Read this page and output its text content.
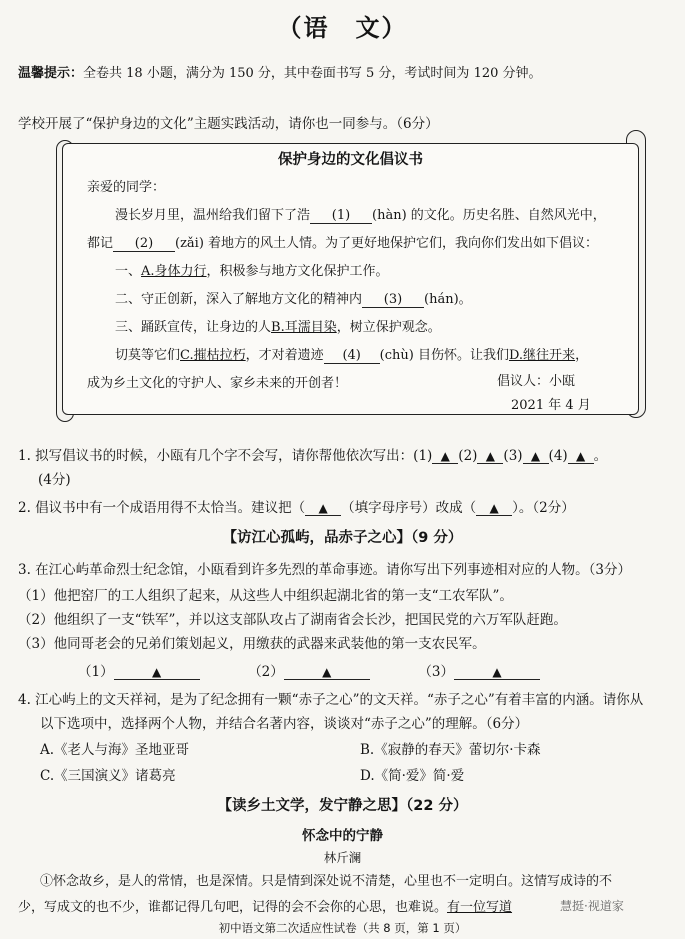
（语　文）
温馨提示：全卷共 18 小题，满分为 150 分，其中卷面书写 5 分，考试时间为 120 分钟。
学校开展了“保护身边的文化”主题实践活动，请你也一同参与。（6分）
保护身边的文化倡议书
亲爱的同学：
漫长岁月里，温州给我们留下了浩 (1) (hàn) 的文化。历史名胜、自然风光中，
都记 (2) (zǎi) 着地方的风土人情。为了更好地保护它们，我向你们发出如下倡议：
一、A.身体力行，积极参与地方文化保护工作。
二、守正创新，深入了解地方文化的精神内 (3) (hán)。
三、踊跃宣传，让身边的人B.耳濡目染，树立保护观念。
切莫等它们C.摧枯拉朽，才对着遗迹 (4) (chù) 目伤怀。让我们D.继往开来，
成为乡土文化的守护人、家乡未来的开创者！	倡议人：小瓯
2021 年 4 月
1. 拟写倡议书的时候，小瓯有几个字不会写，请你帮他依次写出：(1) ▲ (2) ▲ (3) ▲ (4) ▲ 。
(4分)
2. 倡议书中有一个成语用得不太恰当。建议把（ ▲ （填字母序号）改成（ ▲ ）。（2分）
【访江心孤屿，品赤子之心】（9 分）
3. 在江心屿革命烈士纪念馆，小瓯看到许多先烈的革命事迹。请你写出下列事迹相对应的人物。（3分）
（1）他把窑厂的工人组织了起来，从这些人中组织起湖北省的第一支“工农军队”。
（2）他组织了一支“铁军”，并以这支部队攻占了湖南省会长沙，把国民党的六万军队赶跑。
（3）他同哥老会的兄弟们策划起义，用缴获的武器来武装他的第一支农民军。
（1）	▲	（2）	▲	（3）	▲
4. 江心屿上的文天祥祠，是为了纪念拥有一颗“赤子之心”的文天祥。“赤子之心”有着丰富的内涵。请你从
以下选项中，选择两个人物，并结合名著内容，谈谈对“赤子之心”的理解。（6分）
A.《老人与海》圣地亚哥	B.《寂静的春天》蕾切尔·卡森
C.《三国演义》诸葛亮	D.《简·爱》简·爱
【读乡土文学，发宁静之思】（22 分）
怀念中的宁静
林斤澜
①怀念故乡，是人的常情，也是深情。只是情到深处说不清楚，心里也不一定明白。这情写成诗的不
少，写成文的也不少，谁都记得几句吧，记得的会不会你的心思，也难说。有一位写道	慧挺·视道家
初中语文第二次适应性试卷（共 8 页，第 1 页）
